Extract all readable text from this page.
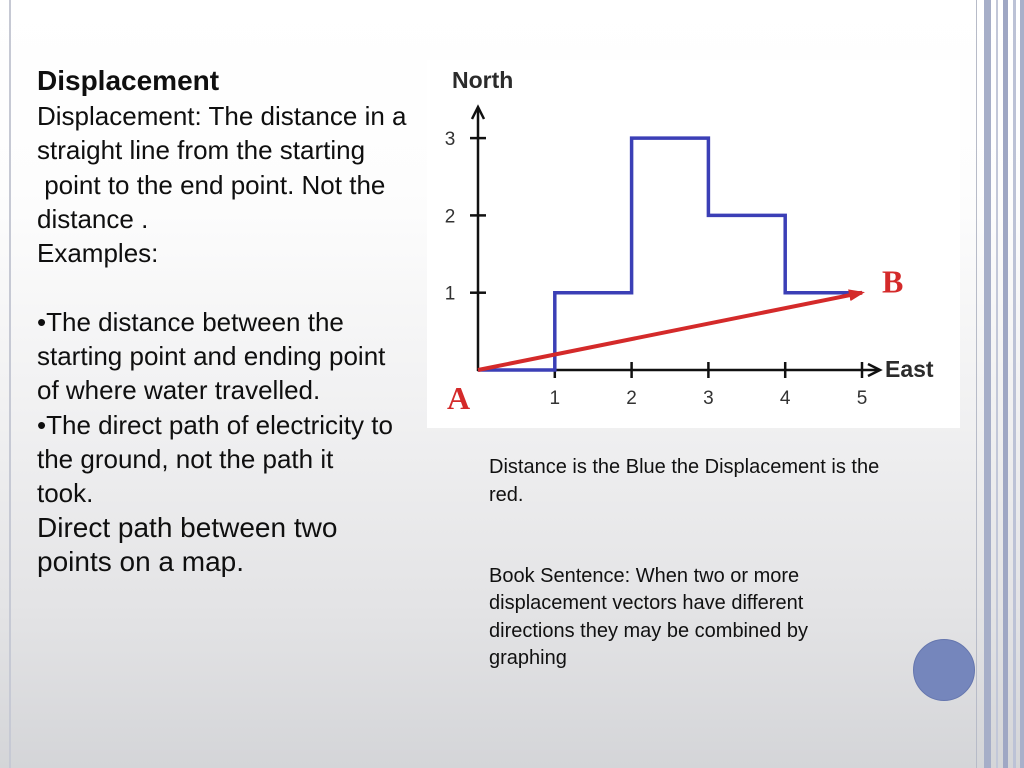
Displacement
Displacement: The distance in a
straight line from the starting
point to the end point. Not the
distance .
Examples:
•The distance between the
starting point and ending point
of where water travelled.
•The direct path of electricity to
the ground, not the path it
took.
Direct path between two
points on a map.
1	2	3	4	5
1
2
3
North
East
A
B
Distance is the Blue the Displacement is the
red.
Book Sentence: When two or more
displacement vectors have different
directions they may be combined by
graphing
